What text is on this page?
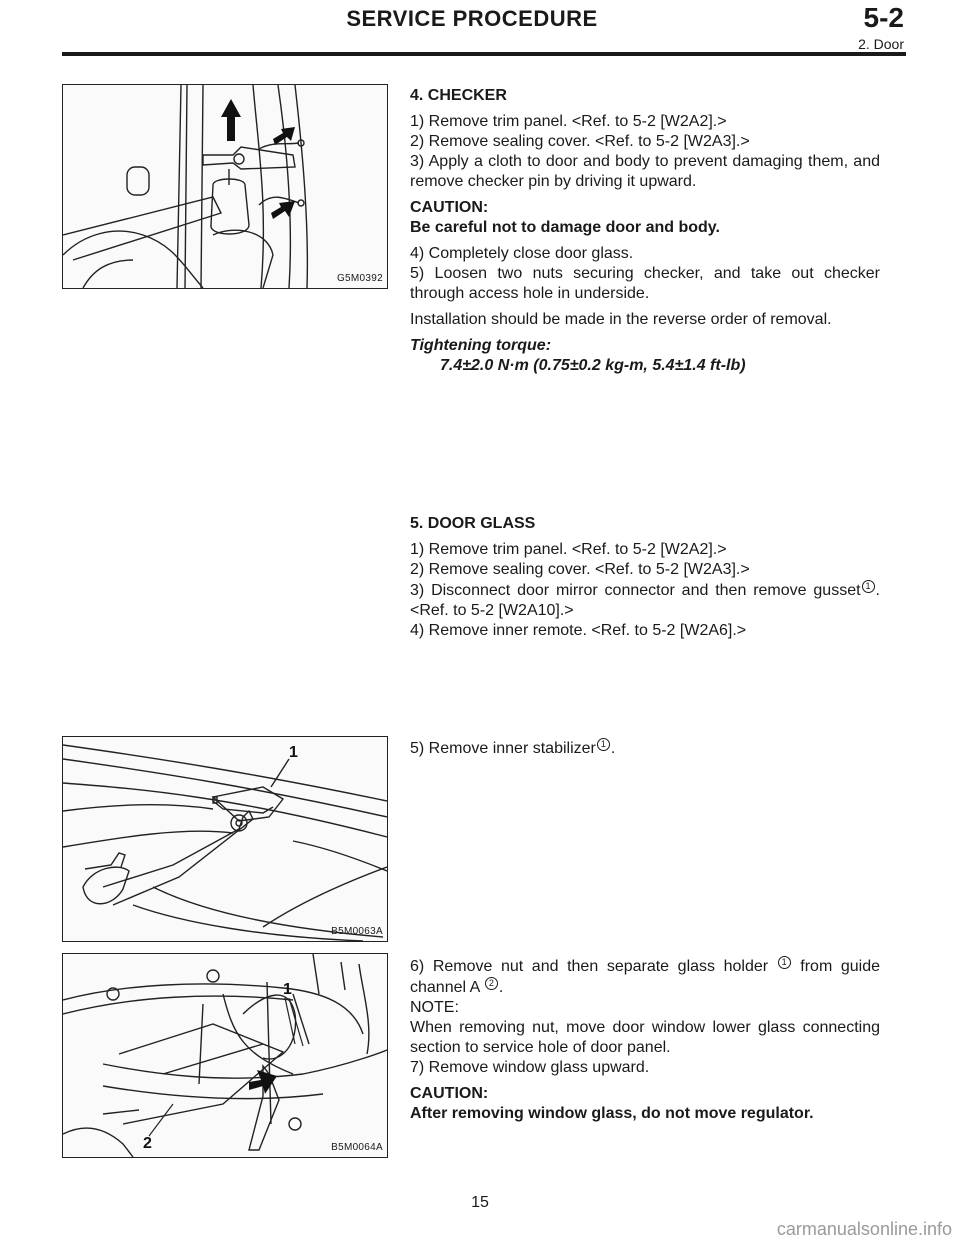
SERVICE PROCEDURE	5-2
2. Door
G5M0392
1
B5M0063A
1
2	B5M0064A

4. CHECKER

1) Remove trim panel. <Ref. to 5-2 [W2A2].>

2) Remove sealing cover. <Ref. to 5-2 [W2A3].>

3) Apply a cloth to door and body to prevent damaging them, and remove checker pin by driving it upward.

CAUTION:

Be careful not to damage door and body.

4) Completely close door glass.

5) Loosen two nuts securing checker, and take out checker through access hole in underside.

Installation should be made in the reverse order of removal.

Tightening torque:

7.4±2.0 N·m (0.75±0.2 kg-m, 5.4±1.4 ft-lb)

5. DOOR GLASS

1) Remove trim panel. <Ref. to 5-2 [W2A2].>

2) Remove sealing cover. <Ref. to 5-2 [W2A3].>

3) Disconnect door mirror connector and then remove gusset 1 . <Ref. to 5-2 [W2A10].>

4) Remove inner remote. <Ref. to 5-2 [W2A6].>

5) Remove inner stabilizer 1 .

6) Remove nut and then separate glass holder 1 from guide channel A 2 .

NOTE:

When removing nut, move door window lower glass connecting section to service hole of door panel.

7) Remove window glass upward.

CAUTION:

After removing window glass, do not move regulator.

15
carmanualsonline.info
